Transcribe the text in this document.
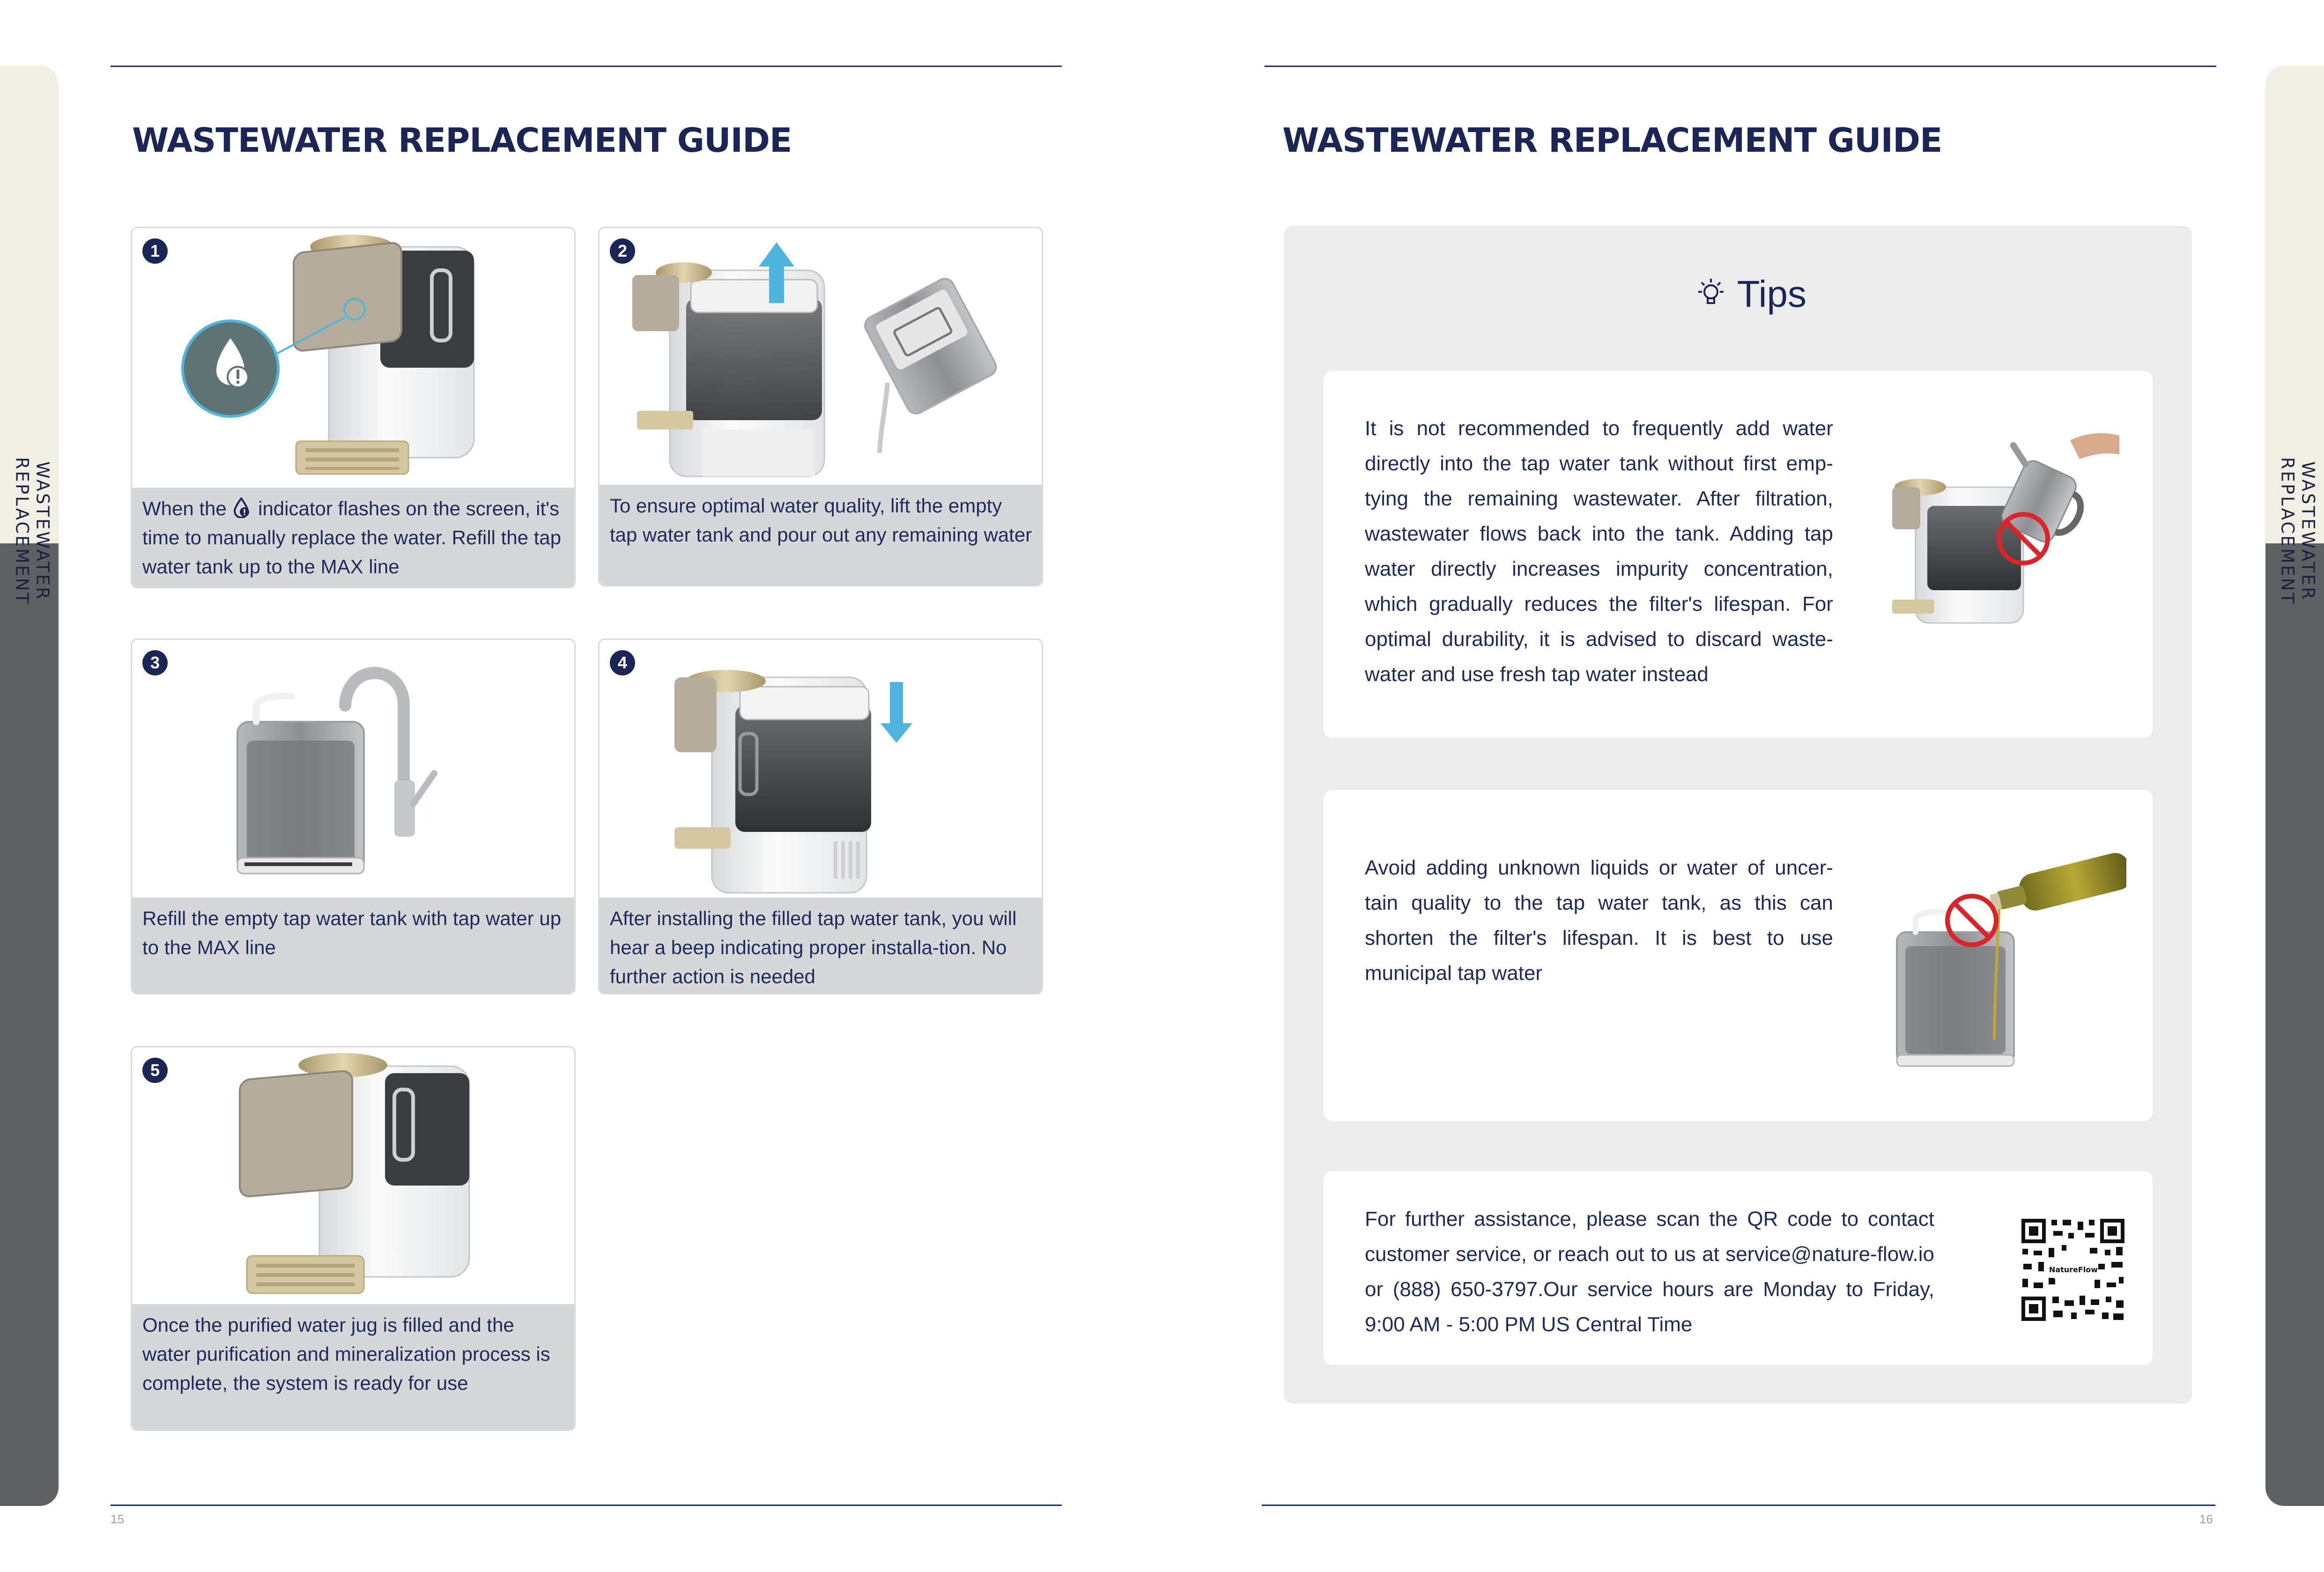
WASTEWATER REPLACEMENT GUIDE
15
WASTEWATER
REPLACEMENT
1
When the  indicator flashes on the screen, it's time to manually replace the water. Refill the tap water tank up to the MAX line
2
To ensure optimal water quality, lift the empty tap water tank and pour out any remaining water
3
Refill the empty tap water tank with tap water up to the MAX line
4
After installing the filled tap water tank, you will hear a beep indicating proper installa-tion. No further action is needed
5
Once the purified water jug is filled and the water purification and mineralization process is complete, the system is ready for use
WASTEWATER REPLACEMENT GUIDE
16
WASTEWATER
REPLACEMENT
Tips
It is not recommended to frequently add water directly into the tap water tank without first emp-tying the remaining wastewater. After filtration, wastewater flows back into the tank. Adding tap water directly increases impurity concentration, which gradually reduces the filter's lifespan. For optimal durability, it is advised to discard waste-water and use fresh tap water instead
Avoid adding unknown liquids or water of uncer-tain quality to the tap water tank, as this can shorten the filter's lifespan. It is best to use municipal tap water
For further assistance, please scan the QR code to contact customer service, or reach out to us at service@nature-flow.io or (888) 650-3797.Our service hours are Monday to Friday, 9:00 AM - 5:00 PM US Central Time
NatureFlow
